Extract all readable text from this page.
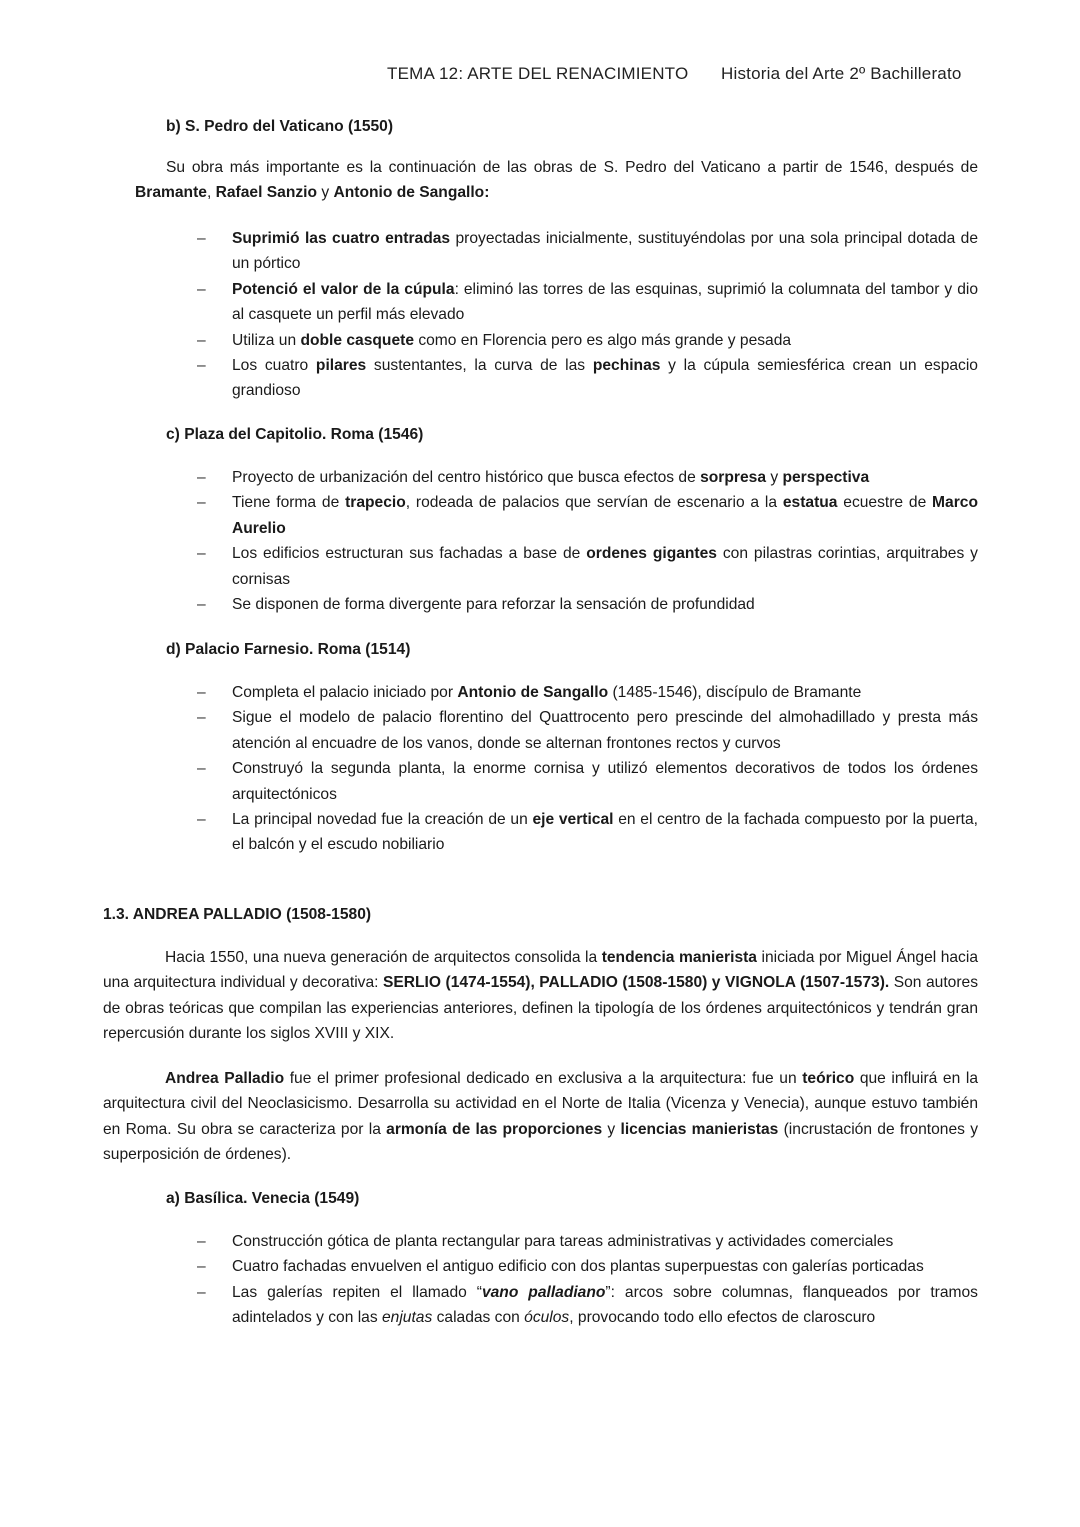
TEMA 12: ARTE DEL RENACIMIENTO Historia del Arte 2º Bachillerato

b) S. Pedro del Vaticano (1550)

Su obra más importante es la continuación de las obras de S. Pedro del Vaticano a partir de 1546, después de Bramante, Rafael Sanzio y Antonio de Sangallo:

– Suprimió las cuatro entradas proyectadas inicialmente, sustituyéndolas por una sola principal dotada de un pórtico
– Potenció el valor de la cúpula: eliminó las torres de las esquinas, suprimió la columnata del tambor y dio al casquete un perfil más elevado
– Utiliza un doble casquete como en Florencia pero es algo más grande y pesada
– Los cuatro pilares sustentantes, la curva de las pechinas y la cúpula semiesférica crean un espacio grandioso

c) Plaza del Capitolio. Roma (1546)

– Proyecto de urbanización del centro histórico que busca efectos de sorpresa y perspectiva
– Tiene forma de trapecio, rodeada de palacios que servían de escenario a la estatua ecuestre de Marco Aurelio
– Los edificios estructuran sus fachadas a base de ordenes gigantes con pilastras corintias, arquitrabes y cornisas
– Se disponen de forma divergente para reforzar la sensación de profundidad

d) Palacio Farnesio. Roma (1514)

– Completa el palacio iniciado por Antonio de Sangallo (1485-1546), discípulo de Bramante
– Sigue el modelo de palacio florentino del Quattrocento pero prescinde del almohadillado y presta más atención al encuadre de los vanos, donde se alternan frontones rectos y curvos
– Construyó la segunda planta, la enorme cornisa y utilizó elementos decorativos de todos los órdenes arquitectónicos
– La principal novedad fue la creación de un eje vertical en el centro de la fachada compuesto por la puerta, el balcón y el escudo nobiliario

1.3. ANDREA PALLADIO (1508-1580)

Hacia 1550, una nueva generación de arquitectos consolida la tendencia manierista iniciada por Miguel Ángel hacia una arquitectura individual y decorativa: SERLIO (1474-1554), PALLADIO (1508-1580) y VIGNOLA (1507-1573). Son autores de obras teóricas que compilan las experiencias anteriores, definen la tipología de los órdenes arquitectónicos y tendrán gran repercusión durante los siglos XVIII y XIX.

Andrea Palladio fue el primer profesional dedicado en exclusiva a la arquitectura: fue un teórico que influirá en la arquitectura civil del Neoclasicismo. Desarrolla su actividad en el Norte de Italia (Vicenza y Venecia), aunque estuvo también en Roma. Su obra se caracteriza por la armonía de las proporciones y licencias manieristas (incrustación de frontones y superposición de órdenes).

a) Basílica. Venecia (1549)

– Construcción gótica de planta rectangular para tareas administrativas y actividades comerciales
– Cuatro fachadas envuelven el antiguo edificio con dos plantas superpuestas con galerías porticadas
– Las galerías repiten el llamado “vano palladiano”: arcos sobre columnas, flanqueados por tramos adintelados y con las enjutas caladas con óculos, provocando todo ello efectos de claroscuro
